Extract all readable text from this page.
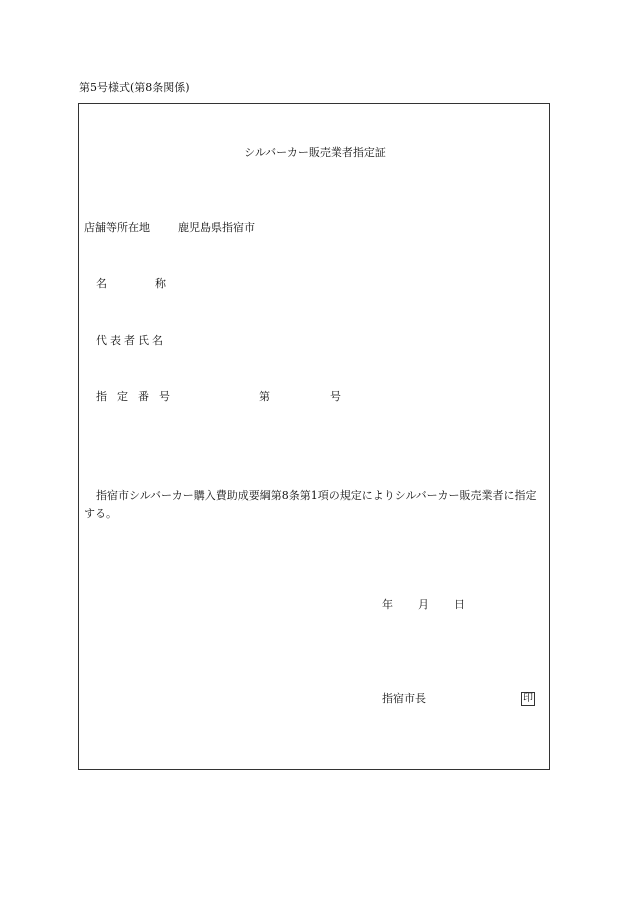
第5号様式(第8条関係)
シルバーカー販売業者指定証
店舗等所在地	鹿児島県指宿市
名	称
代表者氏名
指定番号	第	号
指宿市シルバーカー購入費助成要綱第8条第1項の規定によりシルバーカー販売業者に指定する。
年 月 日
指宿市長	印
